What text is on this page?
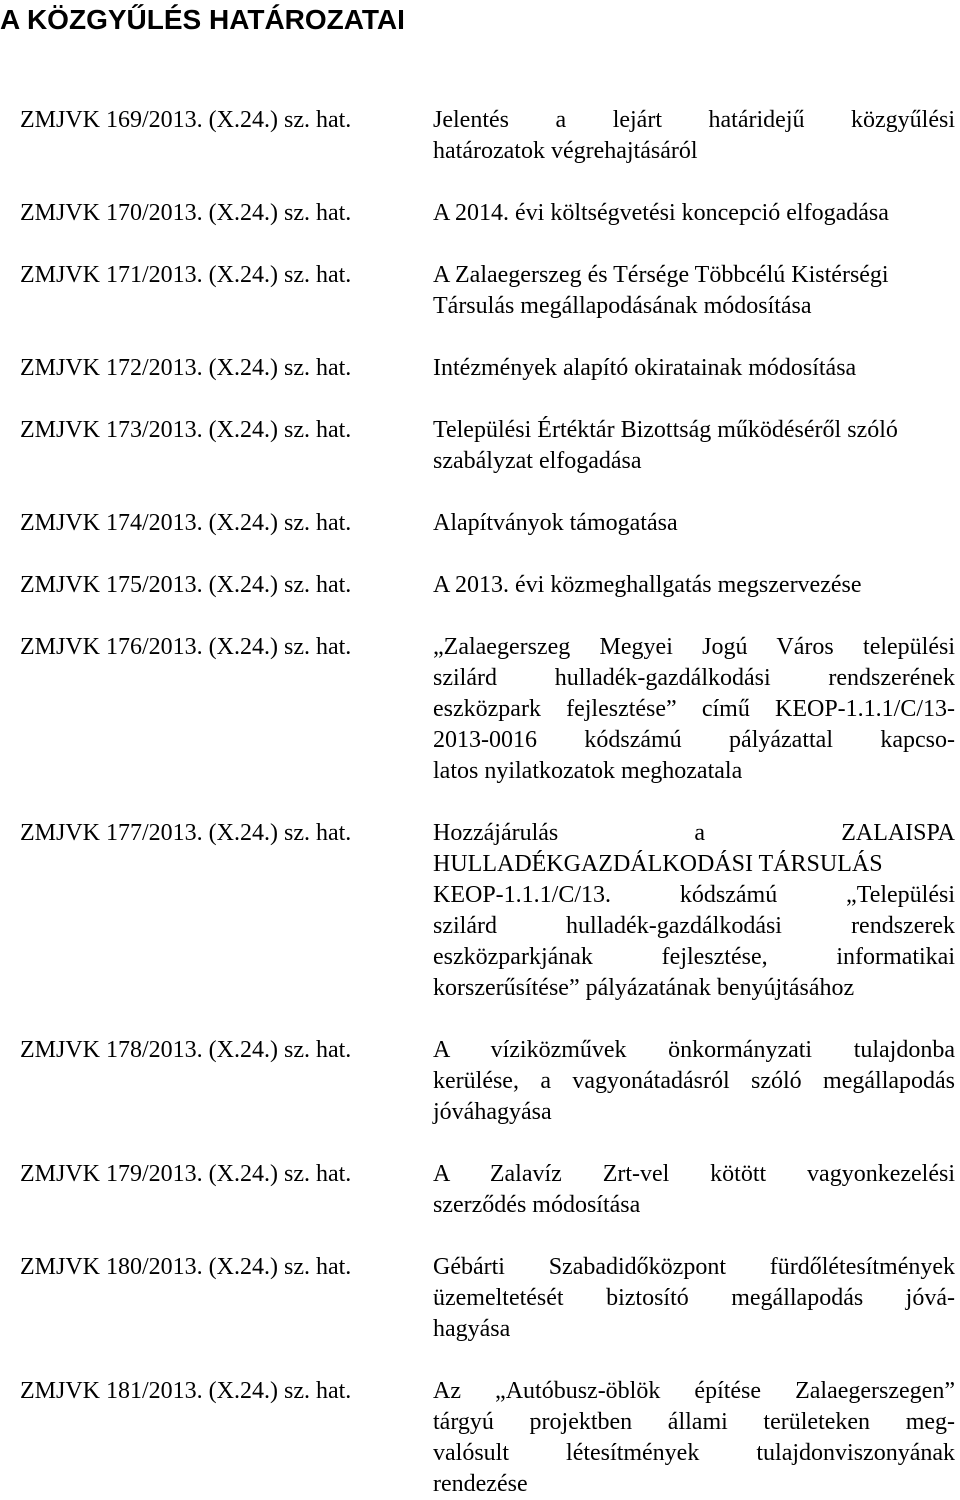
A KÖZGYŰLÉS HATÁROZATAI
ZMJVK 169/2013. (X.24.) sz. hat.	Jelentés a lejárt határidejű közgyűlési
határozatok végrehajtásáról
ZMJVK 170/2013. (X.24.) sz. hat.	A 2014. évi költségvetési koncepció elfogadása
ZMJVK 171/2013. (X.24.) sz. hat.	A Zalaegerszeg és Térsége Többcélú Kistérségi
Társulás megállapodásának módosítása
ZMJVK 172/2013. (X.24.) sz. hat.	Intézmények alapító okiratainak módosítása
ZMJVK 173/2013. (X.24.) sz. hat.	Települési Értéktár Bizottság működéséről szóló
szabályzat elfogadása
ZMJVK 174/2013. (X.24.) sz. hat.	Alapítványok támogatása
ZMJVK 175/2013. (X.24.) sz. hat.	A 2013. évi közmeghallgatás megszervezése
ZMJVK 176/2013. (X.24.) sz. hat.	„Zalaegerszeg Megyei Jogú Város települési
szilárd hulladék-gazdálkodási rendszerének
eszközpark fejlesztése” című KEOP-1.1.1/C/13-
2013-0016 kódszámú pályázattal kapcso-
latos nyilatkozatok meghozatala
ZMJVK 177/2013. (X.24.) sz. hat.	Hozzájárulás a ZALAISPA
HULLADÉKGAZDÁLKODÁSI TÁRSULÁS
KEOP-1.1.1/C/13. kódszámú „Települési
szilárd hulladék-gazdálkodási rendszerek
eszközparkjának fejlesztése, informatikai
korszerűsítése” pályázatának benyújtásához
ZMJVK 178/2013. (X.24.) sz. hat.	A víziközművek önkormányzati tulajdonba
kerülése, a vagyonátadásról szóló megállapodás
jóváhagyása
ZMJVK 179/2013. (X.24.) sz. hat.	A Zalavíz Zrt-vel kötött vagyonkezelési
szerződés módosítása
ZMJVK 180/2013. (X.24.) sz. hat.	Gébárti Szabadidőközpont fürdőlétesítmények
üzemeltetését biztosító megállapodás jóvá-
hagyása
ZMJVK 181/2013. (X.24.) sz. hat.	Az „Autóbusz-öblök építése Zalaegerszegen”
tárgyú projektben állami területeken meg-
valósult létesítmények tulajdonviszonyának
rendezése
